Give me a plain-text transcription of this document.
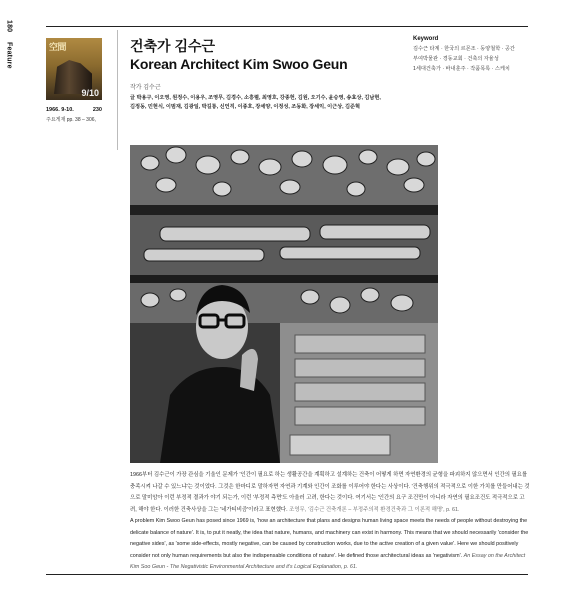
180
Feature	空間
9/10
1966. 9-10.	230
주요게재 pp. 38 – 306,
건축가 김수근
Korean Architect Kim Swoo Geun
작가 김수근
글 박용구, 이오영, 원정수, 이용우, 조영무, 김경수, 소흥렬, 최영호, 강종헌, 김원, 오기수, 윤승영, 송효상, 김남현,
김정동, 민현식, 이범재, 김광일, 박길룡, 신언직, 이종호, 장세양, 이정성, 조동화, 장세익, 이근상, 김준혁
Keyword
김수근 타계 · 한국의 르몬조 · 동양철학 · 공간
부여박물관 · 경동교회 · 건축의 자율성
1세대건축가 · 바내훈주 · 작품목록 · 스케치
1966부터 김수근이 가장 관심을 기울인 문제가 '인간이 필요로 하는 생활공간을 계획하고 설계하는 건축이 어떻게 하면 자연환경의 균형을 파괴하지 않으면서 인간의 필요를 충족시켜 나갈 수 있느냐'는 것이었다. 그것은 한마디로 말하자면 자연과 기계와 인간이 조화를 이루어야 한다는 사상이다. '건축행위의 적극적으로 이한 가치를 만들어내는 것으로 말미암아 이런 부정적 결과가 야기 되는가, 이런 '부정적 측면'도 아울러 고려, 한다는 것이다. 여기서는 '인간의 요구 조건만이 아니라 자연의 필요조건도 적극적으로 고려, 해야 한다. 이러한 건축사상을 그는 '네가티비즘'이라고 표현했다. 조영무, '김수근 건축개론 – 부정주의적 환경건축과 그 이론적 해명', p. 61.
A problem Kim Swoo Geun has posed since 1969 is, 'how an architecture that plans and designs human living space meets the needs of people without destroying the delicate balance of nature'. It is, to put it neatly, the idea that nature, humans, and machinery can exist in harmony. This means that we should necessarily 'consider the negative sides', as 'some side-effects, mostly negative, can be caused by construction works, due to the active creation of a given value'. Here we should positively consider not only human requirements but also the indispensable conditions of nature'. He defined those architectural ideas as 'negativism'. An Essay on the Architect Kim Soo Geun - The Negativistic Environmental Architecture and it's Logical Explanation, p. 61.
